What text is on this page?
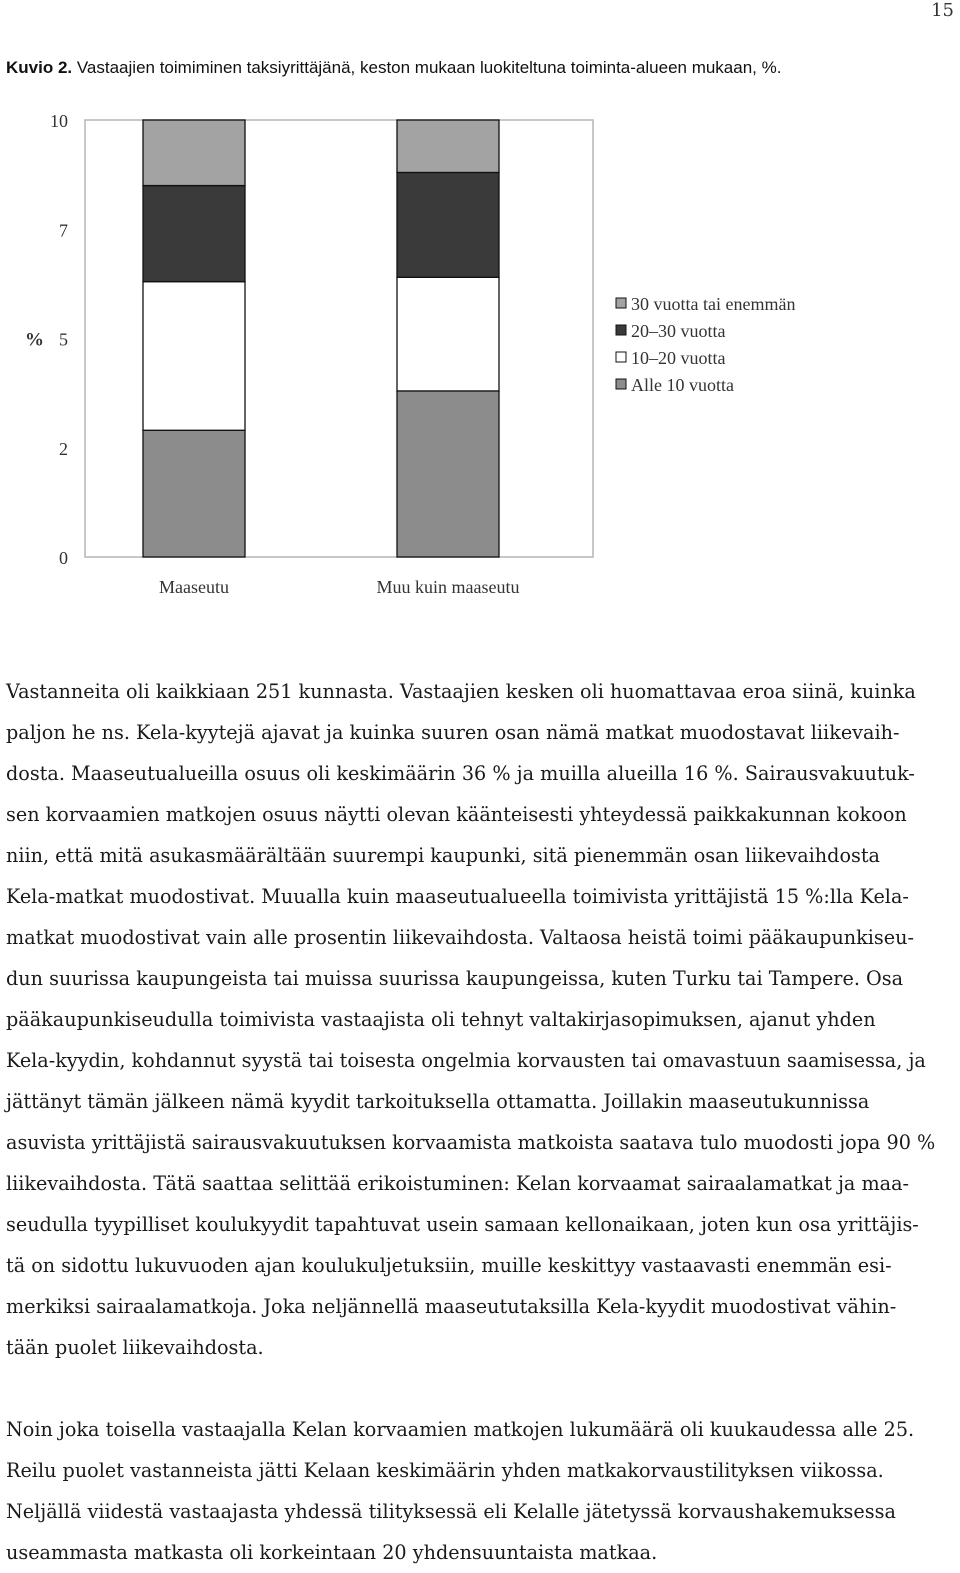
15
Kuvio 2. Vastaajien toimiminen taksiyrittäjänä, keston mukaan luokiteltuna toiminta-alueen mukaan, %.
10
7
5
2
0
%
Maaseutu	Muu kuin maaseutu
30 vuotta tai enemmän
20–30 vuotta
10–20 vuotta
Alle 10 vuotta
Vastanneita oli kaikkiaan 251 kunnasta. Vastaajien kesken oli huomattavaa eroa siinä, kuinka
paljon he ns. Kela-kyytejä ajavat ja kuinka suuren osan nämä matkat muodostavat liikevaih-
dosta. Maaseutualueilla osuus oli keskimäärin 36 % ja muilla alueilla 16 %. Sairausvakuutuk-
sen korvaamien matkojen osuus näytti olevan käänteisesti yhteydessä paikkakunnan kokoon
niin, että mitä asukasmäärältään suurempi kaupunki, sitä pienemmän osan liikevaihdosta
Kela-matkat muodostivat. Muualla kuin maaseutualueella toimivista yrittäjistä 15 %:lla Kela-
matkat muodostivat vain alle prosentin liikevaihdosta. Valtaosa heistä toimi pääkaupunkiseu-
dun suurissa kaupungeista tai muissa suurissa kaupungeissa, kuten Turku tai Tampere. Osa
pääkaupunkiseudulla toimivista vastaajista oli tehnyt valtakirjasopimuksen, ajanut yhden
Kela-kyydin, kohdannut syystä tai toisesta ongelmia korvausten tai omavastuun saamisessa, ja
jättänyt tämän jälkeen nämä kyydit tarkoituksella ottamatta. Joillakin maaseutukunnissa
asuvista yrittäjistä sairausvakuutuksen korvaamista matkoista saatava tulo muodosti jopa 90 %
liikevaihdosta. Tätä saattaa selittää erikoistuminen: Kelan korvaamat sairaalamatkat ja maa-
seudulla tyypilliset koulukyydit tapahtuvat usein samaan kellonaikaan, joten kun osa yrittäjis-
tä on sidottu lukuvuoden ajan koulukuljetuksiin, muille keskittyy vastaavasti enemmän esi-
merkiksi sairaalamatkoja. Joka neljännellä maaseututaksilla Kela-kyydit muodostivat vähin-
tään puolet liikevaihdosta.
Noin joka toisella vastaajalla Kelan korvaamien matkojen lukumäärä oli kuukaudessa alle 25.
Reilu puolet vastanneista jätti Kelaan keskimäärin yhden matkakorvaustilityksen viikossa.
Neljällä viidestä vastaajasta yhdessä tilityksessä eli Kelalle jätetyssä korvaushakemuksessa
useammasta matkasta oli korkeintaan 20 yhdensuuntaista matkaa.
